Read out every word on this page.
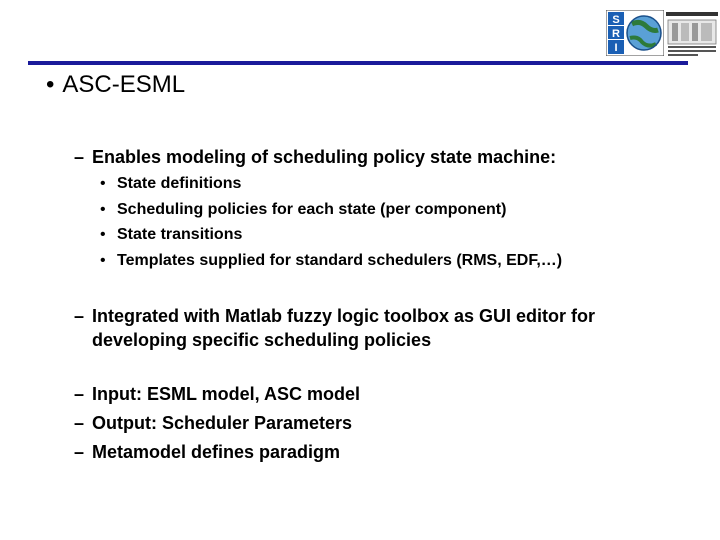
S
R
I
• ASC-ESML
– Enables modeling of scheduling policy state machine:
• State definitions
• Scheduling policies for each state (per component)
• State transitions
• Templates supplied for standard schedulers (RMS, EDF,…)
– Integrated with Matlab fuzzy logic toolbox as GUI editor for
developing specific scheduling policies
– Input: ESML model, ASC model
– Output: Scheduler Parameters
– Metamodel defines paradigm
